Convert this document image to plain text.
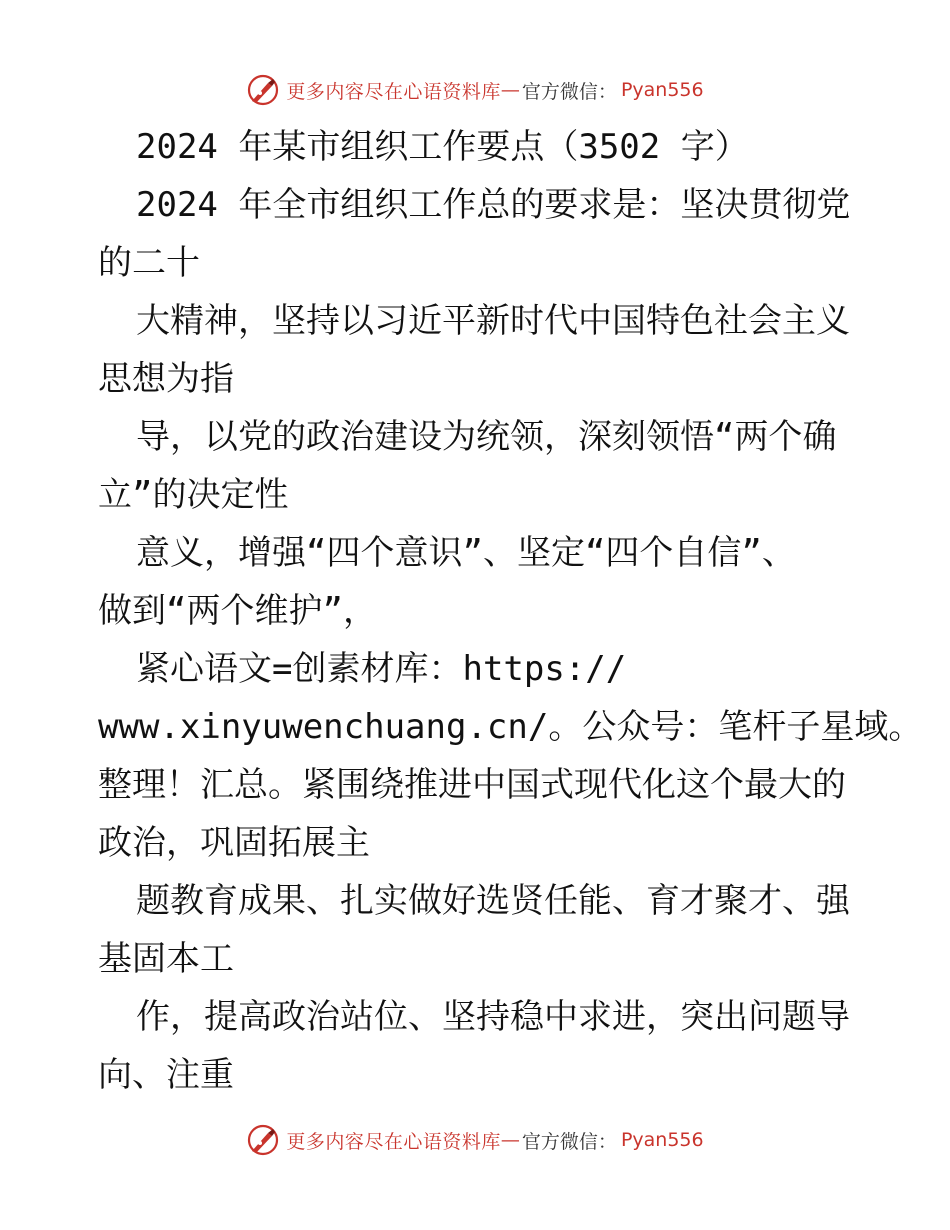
更多内容尽在心语资料库 — 官方微信： Pyan556
2024 年某市组织工作要点（3502 字）
2024 年全市组织工作总的要求是：坚决贯彻党
的二十
大精神，坚持以习近平新时代中国特色社会主义
思想为指
导，以党的政治建设为统领，深刻领悟“两个确
立”的决定性
意义，增强“四个意识”、坚定“四个自信”、
做到“两个维护”，
紧心语文=创素材库：https://
www.xinyuwenchuang.cn/。公众号：笔杆子星域。
整理！汇总。紧围绕推进中国式现代化这个最大的
政治，巩固拓展主
题教育成果、扎实做好选贤任能、育才聚才、强
基固本工
作，提高政治站位、坚持稳中求进，突出问题导
向、注重
更多内容尽在心语资料库 — 官方微信： Pyan556
